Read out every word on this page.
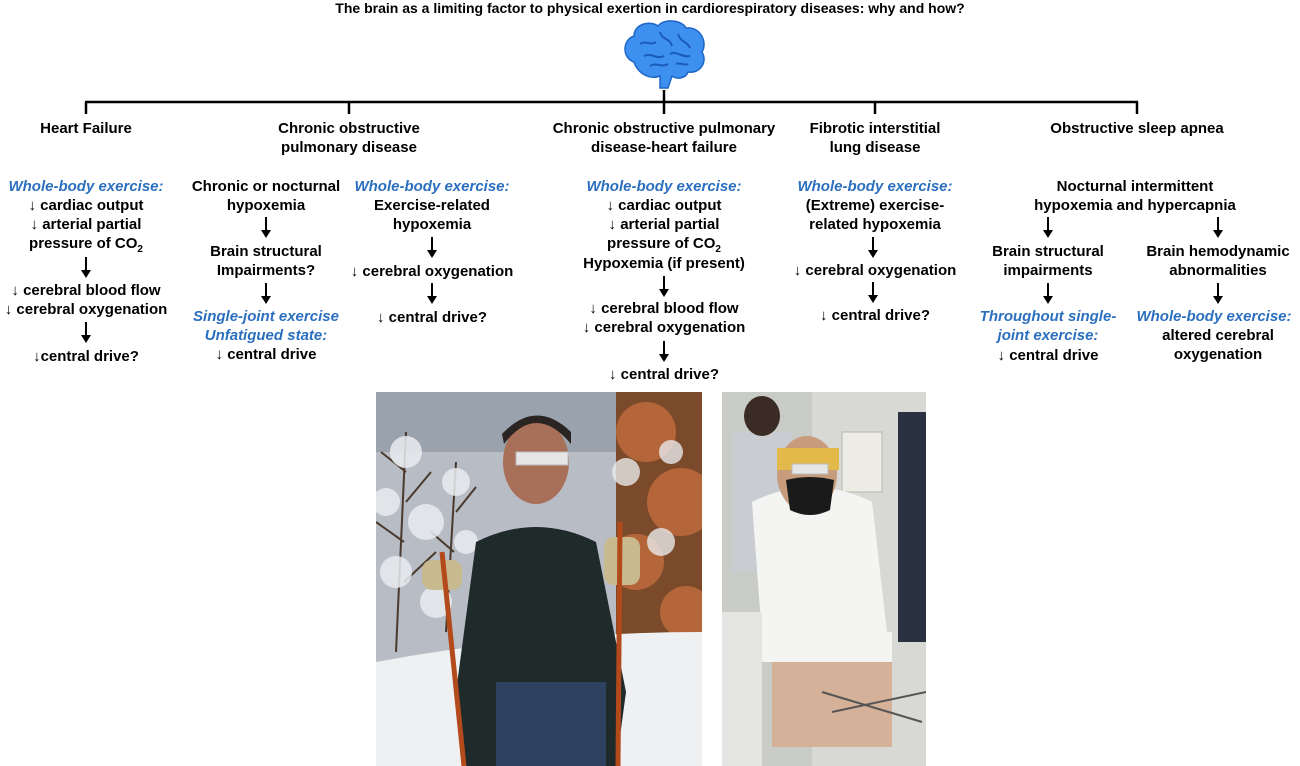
The brain as a limiting factor to physical exertion in cardiorespiratory diseases: why and how?
Heart Failure
Whole-body exercise:
↓ cardiac output
↓ arterial partial
pressure of $CO_2$
↓ cerebral blood flow
↓ cerebral oxygenation
↓central drive?
Chronic obstructive
pulmonary disease
Chronic or nocturnal
hypoxemia
Brain structural
Impairments?
Single-joint exercise
Unfatigued state:
↓ central drive
Whole-body exercise:
Exercise-related
hypoxemia
↓ cerebral oxygenation
↓ central drive?
Chronic obstructive pulmonary
disease-heart failure
Whole-body exercise:
↓ cardiac output
↓ arterial partial
pressure of $CO_2$
Hypoxemia (if present)
↓ cerebral blood flow
↓ cerebral oxygenation
↓ central drive?
Fibrotic interstitial
lung disease
Whole-body exercise:
(Extreme) exercise-
related hypoxemia
↓ cerebral oxygenation
↓ central drive?
Obstructive sleep apnea
Nocturnal intermittent
hypoxemia and hypercapnia
Brain structural
impairments
Throughout single-
joint exercise:
↓ central drive
Brain hemodynamic
abnormalities
Whole-body exercise:
altered cerebral
oxygenation
